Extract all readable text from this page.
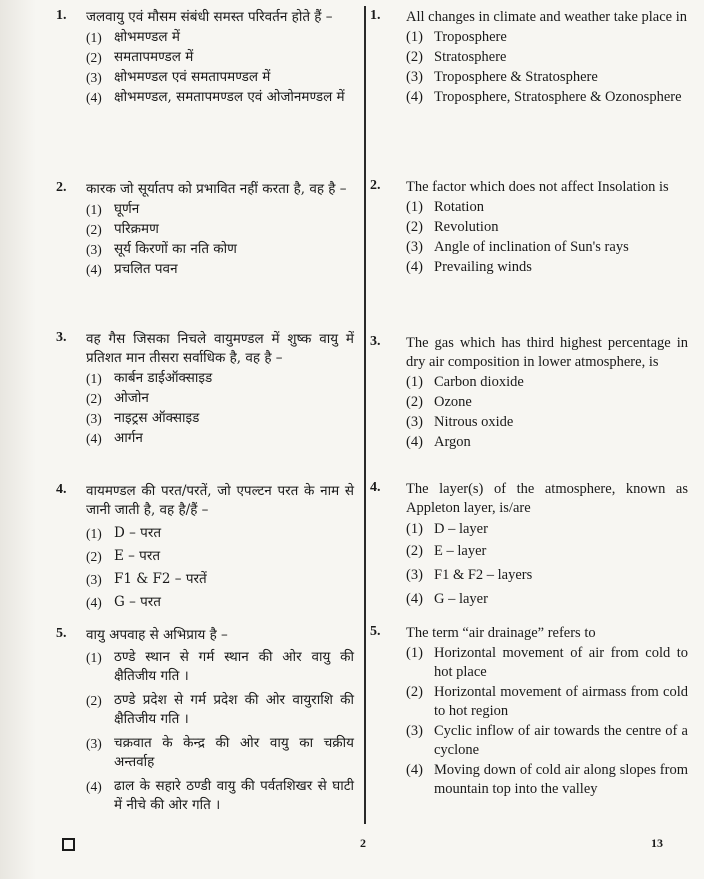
1. जलवायु एवं मौसम संबंधी समस्त परिवर्तन होते हैं –
(1) क्षोभमण्डल में
(2) समतापमण्डल में
(3) क्षोभमण्डल एवं समतापमण्डल में
(4) क्षोभमण्डल, समतापमण्डल एवं ओजोनमण्डल में
2. कारक जो सूर्यातप को प्रभावित नहीं करता है, वह है –
(1) घूर्णन
(2) परिक्रमण
(3) सूर्य किरणों का नति कोण
(4) प्रचलित पवन
3. वह गैस जिसका निचले वायुमण्डल में शुष्क वायु में प्रतिशत मान तीसरा सर्वाधिक है, वह है –
(1) कार्बन डाईऑक्साइड
(2) ओजोन
(3) नाइट्रस ऑक्साइड
(4) आर्गन
4. वायमण्डल की परत/परतें, जो एपल्टन परत के नाम से जानी जाती है, वह है/हैं –
(1) D – परत
(2) E – परत
(3) F1 & F2 – परतें
(4) G – परत
5. वायु अपवाह से अभिप्राय है –
(1) ठण्डे स्थान से गर्म स्थान की ओर वायु की क्षैतिजीय गति ।
(2) ठण्डे प्रदेश से गर्म प्रदेश की ओर वायुराशि की क्षैतिजीय गति ।
(3) चक्रवात के केन्द्र की ओर वायु का चक्रीय अन्तर्वाह
(4) ढाल के सहारे ठण्डी वायु की पर्वतशिखर से घाटी में नीचे की ओर गति ।
1. All changes in climate and weather take place in
(1) Troposphere
(2) Stratosphere
(3) Troposphere & Stratosphere
(4) Troposphere, Stratosphere & Ozonosphere
2. The factor which does not affect Insolation is
(1) Rotation
(2) Revolution
(3) Angle of inclination of Sun's rays
(4) Prevailing winds
3. The gas which has third highest percentage in dry air composition in lower atmosphere, is
(1) Carbon dioxide
(2) Ozone
(3) Nitrous oxide
(4) Argon
4. The layer(s) of the atmosphere, known as Appleton layer, is/are
(1) D – layer
(2) E – layer
(3) F1 & F2 – layers
(4) G – layer
5. The term “air drainage” refers to
(1) Horizontal movement of air from cold to hot place
(2) Horizontal movement of airmass from cold to hot region
(3) Cyclic inflow of air towards the centre of a cyclone
(4) Moving down of cold air along slopes from mountain top into the valley
2	13
